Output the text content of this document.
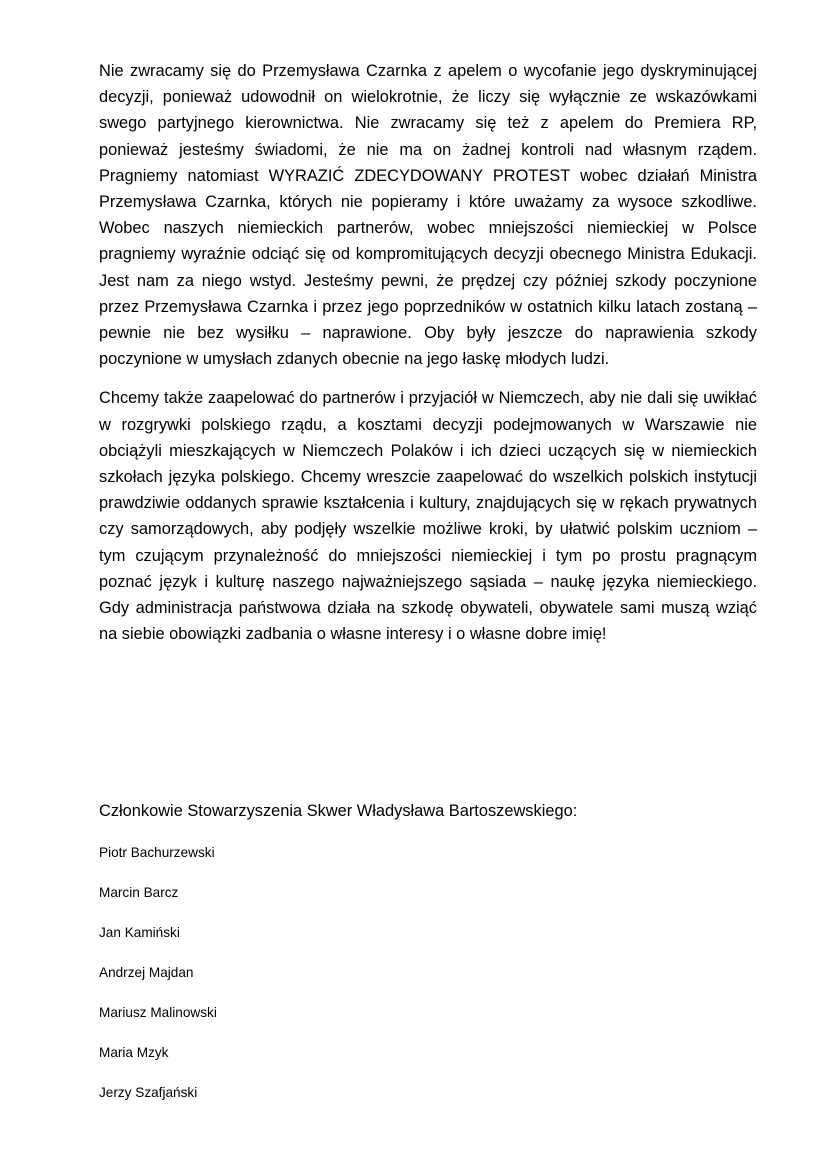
Nie zwracamy się do Przemysława Czarnka z apelem o wycofanie jego dyskryminującej decyzji, ponieważ udowodnił on wielokrotnie, że liczy się wyłącznie ze wskazówkami swego partyjnego kierownictwa. Nie zwracamy się też z apelem do Premiera RP, ponieważ jesteśmy świadomi, że nie ma on żadnej kontroli nad własnym rządem. Pragniemy natomiast WYRAZIĆ ZDECYDOWANY PROTEST wobec działań Ministra Przemysława Czarnka, których nie popieramy i które uważamy za wysoce szkodliwe. Wobec naszych niemieckich partnerów, wobec mniejszości niemieckiej w Polsce pragniemy wyraźnie odciąć się od kompromitujących decyzji obecnego Ministra Edukacji. Jest nam za niego wstyd. Jesteśmy pewni, że prędzej czy później szkody poczynione przez Przemysława Czarnka i przez jego poprzedników w ostatnich kilku latach zostaną – pewnie nie bez wysiłku – naprawione. Oby były jeszcze do naprawienia szkody poczynione w umysłach zdanych obecnie na jego łaskę młodych ludzi.

Chcemy także zaapelować do partnerów i przyjaciół w Niemczech, aby nie dali się uwikłać w rozgrywki polskiego rządu, a kosztami decyzji podejmowanych w Warszawie nie obciążyli mieszkających w Niemczech Polaków i ich dzieci uczących się w niemieckich szkołach języka polskiego. Chcemy wreszcie zaapelować do wszelkich polskich instytucji prawdziwie oddanych sprawie kształcenia i kultury, znajdujących się w rękach prywatnych czy samorządowych, aby podjęły wszelkie możliwe kroki, by ułatwić polskim uczniom – tym czującym przynależność do mniejszości niemieckiej i tym po prostu pragnącym poznać język i kulturę naszego najważniejszego sąsiada – naukę języka niemieckiego. Gdy administracja państwowa działa na szkodę obywateli, obywatele sami muszą wziąć na siebie obowiązki zadbania o własne interesy i o własne dobre imię!

Członkowie Stowarzyszenia Skwer Władysława Bartoszewskiego:

Piotr Bachurzewski
Marcin Barcz
Jan Kamiński
Andrzej Majdan
Mariusz Malinowski
Maria Mzyk
Jerzy Szafjański
